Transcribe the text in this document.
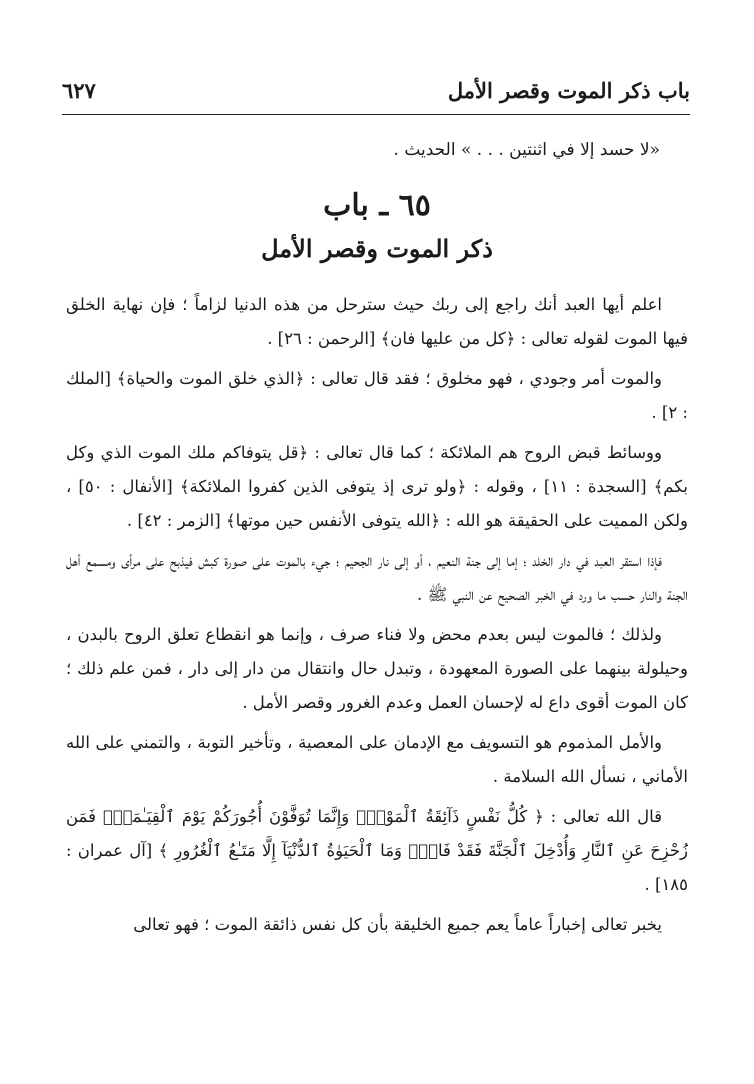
باب ذكر الموت وقصر الأمل
٦٢٧
«لا حسد إلا في اثنتين . . . » الحديث .
٦٥ ـ باب
ذكر الموت وقصر الأمل

اعلم أيها العبد أنك راجع إلى ربك حيث سترحل من هذه الدنيا لزاماً ؛ فإن نهاية الخلق فيها الموت لقوله تعالى : ﴿كل من عليها فان﴾ [الرحمن : ٢٦] .

والموت أمر وجودي ، فهو مخلوق ؛ فقد قال تعالى : ﴿الذي خلق الموت والحياة﴾ [الملك : ٢] .

ووسائط قبض الروح هم الملائكة ؛ كما قال تعالى : ﴿قل يتوفاكم ملك الموت الذي وكل بكم﴾ [السجدة : ١١] ، وقوله : ﴿ولو ترى إذ يتوفى الذين كفروا الملائكة﴾ [الأنفال : ٥٠] ، ولكن المميت على الحقيقة هو الله : ﴿الله يتوفى الأنفس حين موتها﴾ [الزمر : ٤٢] .

فإذا استقر العبد في دار الخلد ؛ إما إلى جنة النعيم ، أو إلى نار الجحيم ؛ جيء بالموت على صورة كبش فيذبح على مرأى ومسمع أهل الجنة والنار حسب ما ورد في الخبر الصحيح عن النبي ﷺ .

ولذلك ؛ فالموت ليس بعدم محض ولا فناء صرف ، وإنما هو انقطاع تعلق الروح بالبدن ، وحيلولة بينهما على الصورة المعهودة ، وتبدل حال وانتقال من دار إلى دار ، فمن علم ذلك ؛ كان الموت أقوى داع له لإحسان العمل وعدم الغرور وقصر الأمل .

والأمل المذموم هو التسويف مع الإدمان على المعصية ، وتأخير التوبة ، والتمني على الله الأماني ، نسأل الله السلامة .

قال الله تعالى : ﴿ كُلُّ نَفْسٍ ذَآئِقَةُ ٱلْمَوْتِۗ وَإِنَّمَا تُوَفَّوْنَ أُجُورَكُمْ يَوْمَ ٱلْقِيَـٰمَةِۖ فَمَن زُحْزِحَ عَنِ ٱلنَّارِ وَأُدْخِلَ ٱلْجَنَّةَ فَقَدْ فَازَۗ وَمَا ٱلْحَيَوٰةُ ٱلدُّنْيَآ إِلَّا مَتَـٰعُ ٱلْغُرُورِ ﴾ [آل عمران : ١٨٥] .

يخبر تعالى إخباراً عاماً يعم جميع الخليقة بأن كل نفس ذائقة الموت ؛ فهو تعالى
